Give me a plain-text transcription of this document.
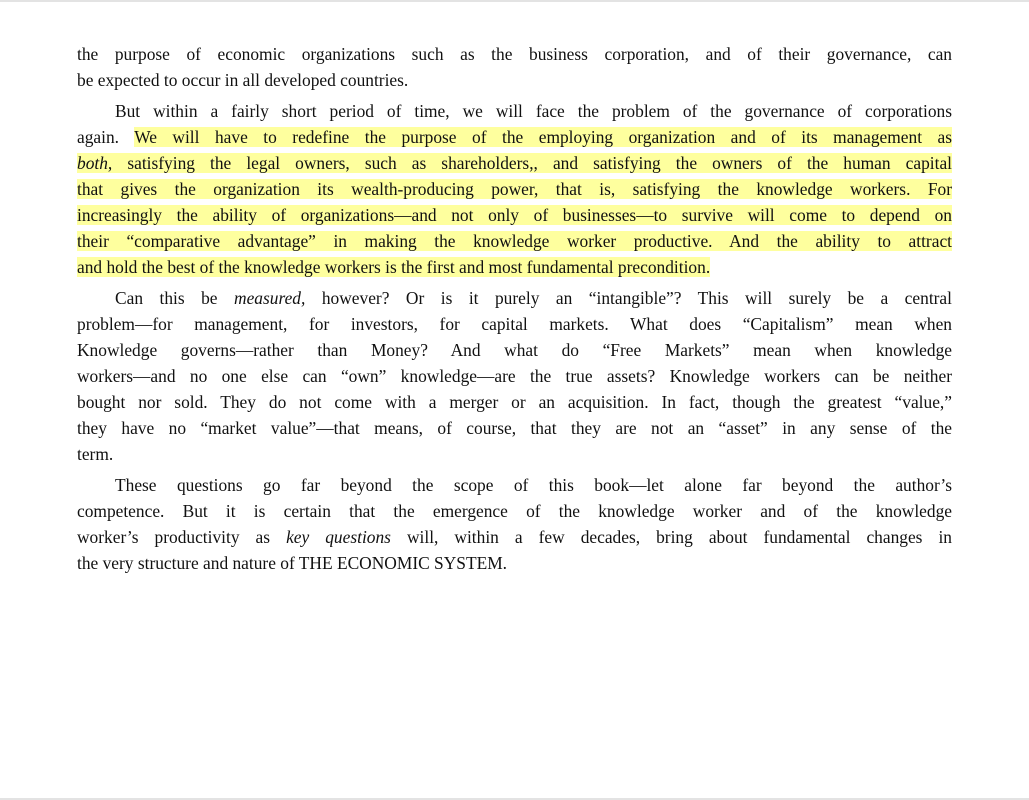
the purpose of economic organizations such as the business corporation, and of their governance, can
be expected to occur in all developed countries.

But within a fairly short period of time, we will face the problem of the governance of corporations
again. We will have to redefine the purpose of the employing organization and of its management as
both, satisfying the legal owners, such as shareholders,, and satisfying the owners of the human capital
that gives the organization its wealth-producing power, that is, satisfying the knowledge workers. For
increasingly the ability of organizations—and not only of businesses—to survive will come to depend on
their “comparative advantage” in making the knowledge worker productive. And the ability to attract
and hold the best of the knowledge workers is the first and most fundamental precondition.

Can this be measured, however? Or is it purely an “intangible”? This will surely be a central
problem—for management, for investors, for capital markets. What does “Capitalism” mean when
Knowledge governs—rather than Money? And what do “Free Markets” mean when knowledge
workers—and no one else can “own” knowledge—are the true assets? Knowledge workers can be neither
bought nor sold. They do not come with a merger or an acquisition. In fact, though the greatest “value,”
they have no “market value”—that means, of course, that they are not an “asset” in any sense of the
term.

These questions go far beyond the scope of this book—let alone far beyond the author’s
competence. But it is certain that the emergence of the knowledge worker and of the knowledge
worker’s productivity as key questions will, within a few decades, bring about fundamental changes in
the very structure and nature of THE ECONOMIC SYSTEM.
